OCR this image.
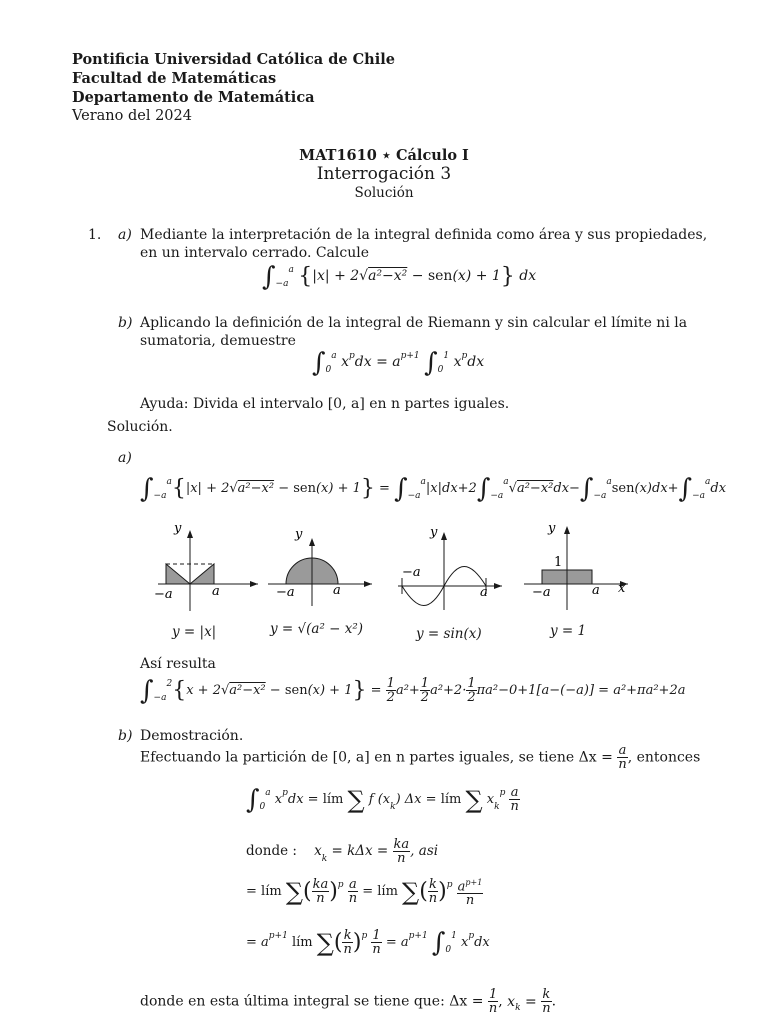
Pontificia Universidad Católica de Chile
Facultad de Matemáticas
Departamento de Matemática
Verano del 2024
MAT1610 ⋆ Cálculo I
Interrogación 3
Solución
1. a) Mediante la interpretación de la integral definida como área y sus propiedades,
en un intervalo cerrado. Calcule
$\int_{-a}^a$ {|x| + 2√a²−x² − sen(x) + 1} dx
b) Aplicando la definición de la integral de Riemann y sin calcular el límite ni la
sumatoria, demuestre
$\int_0^a$ $x^pdx = a^{p+1}$ $\int_0^1$ $x^pdx$
Ayuda: Divida el intervalo [0, a] en n partes iguales.
Solución.
a)
$\int_{-a}^a\{|x| + 2√a^2-x^2 - sen(x) + 1\} = \int_{-a}^a|x|dx+2\int_{-a}^a√a^2-x^2dx-\int_{-a}^asen(x)dx+\int_{-a}^adx$
y
−a	a
y
−a	a
y
−a
a
y
1
−a	a x
y = |x|	y = √(a² − x²)	y = sin(x)	y = 1
Así resulta
$\int_{-a}^2\{x + 2√a^2-x^2 - sen(x) + 1\} = \frac{1}{2} a^2+ \frac{1}{2} a^2+2\cdot \frac{1}{2} \pi a^2-0+1[a-(-a)] = a^2+\pi a^2+2a$
b) Demostración.
Efectuando la partición de [0, a] en n partes iguales, se tiene $\Delta x = \frac{a}{n}$ , entonces
$\int_0^a$ $x^pdx$ = lím ∑ f $(x_k) \Delta x$ = lím ∑ $x_k^p \frac{a}{n}$
donde :    $x_k = k\Delta x = \frac{ka}{n}$ , asi
= lím ∑( $\frac{ka}{n} )^p \frac{a}{n}$ = lím ∑( $\frac{k}{n} )^p \frac{a^{p+1}}{n}$
= $a^{p+1}$ lím ∑( $\frac{k}{n} )^p \frac{1}{n} = a^{p+1}$ $\int_0^1$ $x^pdx$
donde en esta última integral se tiene que: $\Delta x = \frac{1}{n}$ , $x_k = \frac{k}{n}$ .
